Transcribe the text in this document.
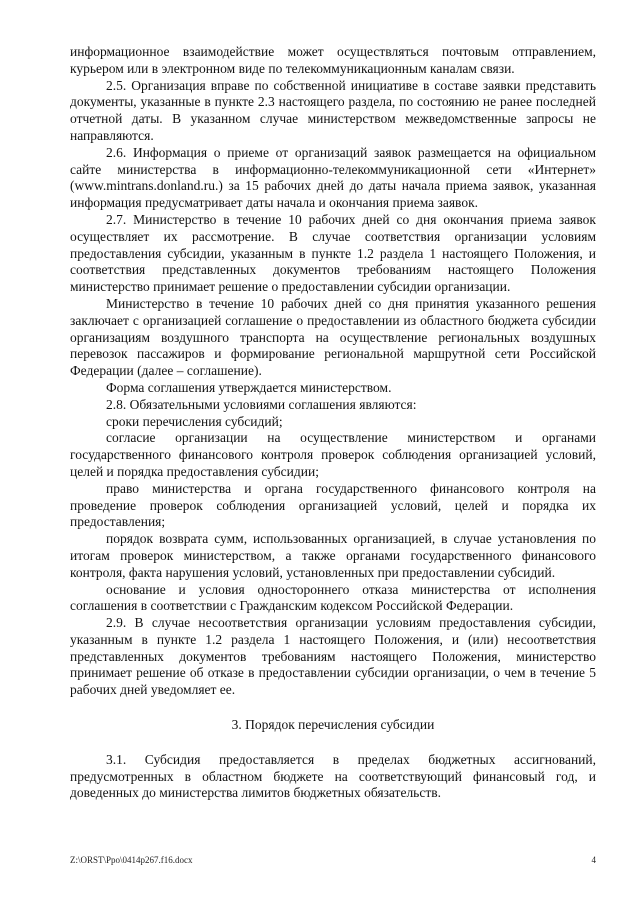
информационное взаимодействие может осуществляться почтовым отправлением, курьером или в электронном виде по телекоммуникационным каналам связи.

2.5. Организация вправе по собственной инициативе в составе заявки представить документы, указанные в пункте 2.3 настоящего раздела, по состоянию не ранее последней отчетной даты. В указанном случае министерством межведомственные запросы не направляются.

2.6. Информация о приеме от организаций заявок размещается на официальном сайте министерства в информационно-телекоммуникационной сети «Интернет» (www.mintrans.donland.ru.) за 15 рабочих дней до даты начала приема заявок, указанная информация предусматривает даты начала и окончания приема заявок.

2.7. Министерство в течение 10 рабочих дней со дня окончания приема заявок осуществляет их рассмотрение. В случае соответствия организации условиям предоставления субсидии, указанным в пункте 1.2 раздела 1 настоящего Положения, и соответствия представленных документов требованиям настоящего Положения министерство принимает решение о предоставлении субсидии организации.

Министерство в течение 10 рабочих дней со дня принятия указанного решения заключает с организацией соглашение о предоставлении из областного бюджета субсидии организациям воздушного транспорта на осуществление региональных воздушных перевозок пассажиров и формирование региональной маршрутной сети Российской Федерации (далее – соглашение).

Форма соглашения утверждается министерством.

2.8. Обязательными условиями соглашения являются:

сроки перечисления субсидий;

согласие организации на осуществление министерством и органами государственного финансового контроля проверок соблюдения организацией условий, целей и порядка предоставления субсидии;

право министерства и органа государственного финансового контроля на проведение проверок соблюдения организацией условий, целей и порядка их предоставления;

порядок возврата сумм, использованных организацией, в случае установления по итогам проверок министерством, а также органами государственного финансового контроля, факта нарушения условий, установленных при предоставлении субсидий.

основание и условия одностороннего отказа министерства от исполнения соглашения в соответствии с Гражданским кодексом Российской Федерации.

2.9. В случае несоответствия организации условиям предоставления субсидии, указанным в пункте 1.2 раздела 1 настоящего Положения, и (или) несоответствия представленных документов требованиям настоящего Положения, министерство принимает решение об отказе в предоставлении субсидии организации, о чем в течение 5 рабочих дней уведомляет ее.

3. Порядок перечисления субсидии

3.1. Субсидия предоставляется в пределах бюджетных ассигнований, предусмотренных в областном бюджете на соответствующий финансовый год, и доведенных до министерства лимитов бюджетных обязательств.

Z:\ORST\Ppo\0414p267.f16.docx	4
